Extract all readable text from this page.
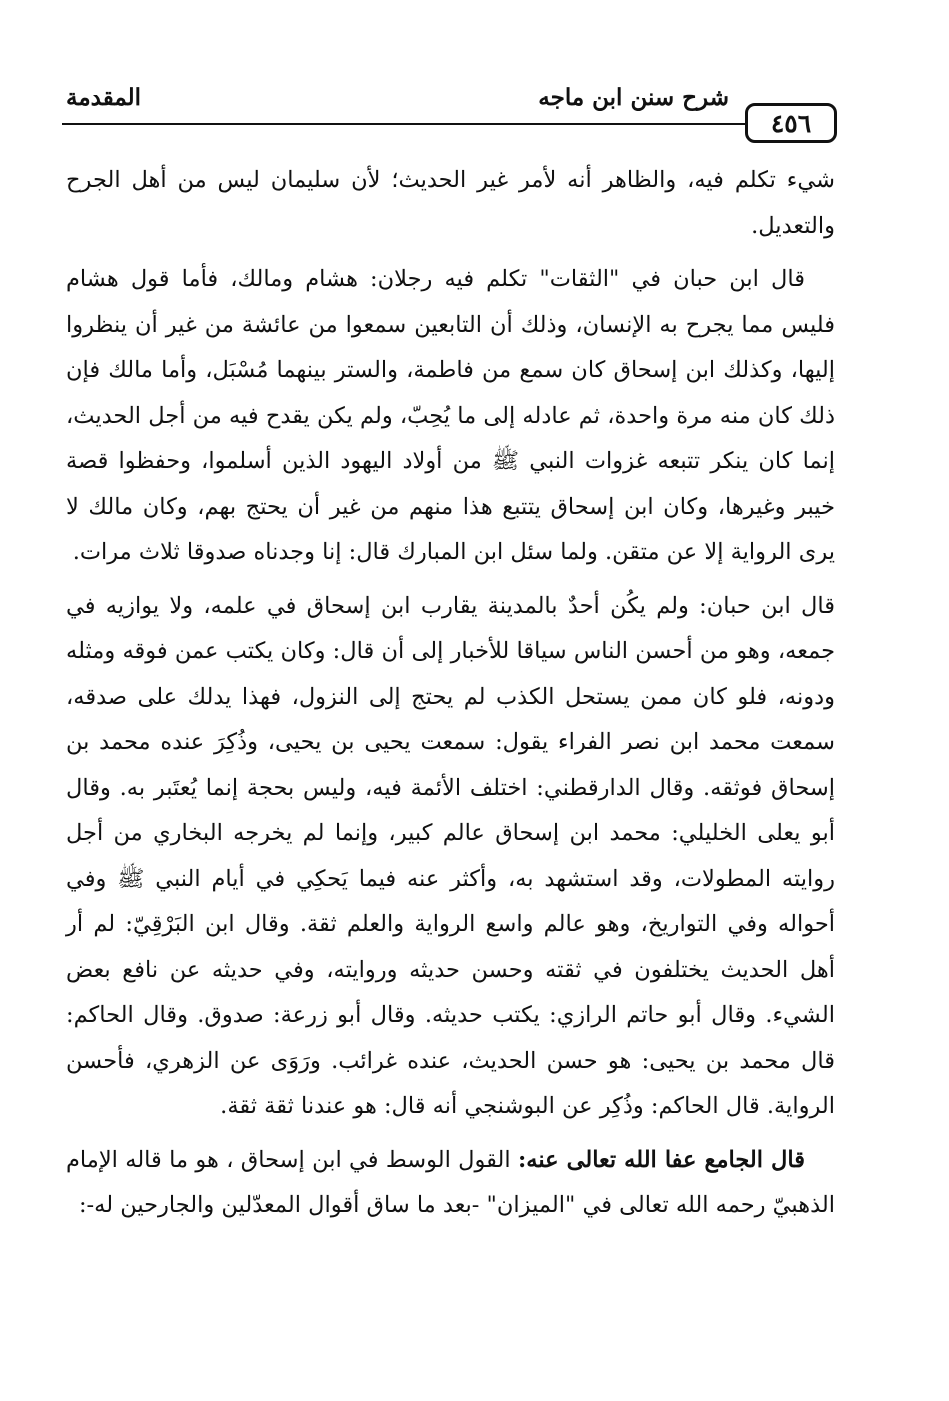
المقدمة	شرح سنن ابن ماجه
٤٥٦

شيء تكلم فيه، والظاهر أنه لأمر غير الحديث؛ لأن سليمان ليس من أهل الجرح والتعديل.

قال ابن حبان في "الثقات" تكلم فيه رجلان: هشام ومالك، فأما قول هشام فليس مما يجرح به الإنسان، وذلك أن التابعين سمعوا من عائشة من غير أن ينظروا إليها، وكذلك ابن إسحاق كان سمع من فاطمة، والستر بينهما مُسْبَل، وأما مالك فإن ذلك كان منه مرة واحدة، ثم عادله إلى ما يُحِبّ، ولم يكن يقدح فيه من أجل الحديث، إنما كان ينكر تتبعه غزوات النبي ﷺ من أولاد اليهود الذين أسلموا، وحفظوا قصة خيبر وغيرها، وكان ابن إسحاق يتتبع هذا منهم من غير أن يحتج بهم، وكان مالك لا يرى الرواية إلا عن متقن. ولما سئل ابن المبارك قال: إنا وجدناه صدوقا ثلاث مرات.

قال ابن حبان: ولم يكُن أحدٌ بالمدينة يقارب ابن إسحاق في علمه، ولا يوازيه في جمعه، وهو من أحسن الناس سياقا للأخبار إلى أن قال: وكان يكتب عمن فوقه ومثله ودونه، فلو كان ممن يستحل الكذب لم يحتج إلى النزول، فهذا يدلك على صدقه، سمعت محمد ابن نصر الفراء يقول: سمعت يحيى بن يحيى، وذُكِرَ عنده محمد بن إسحاق فوثقه. وقال الدارقطني: اختلف الأئمة فيه، وليس بحجة إنما يُعتَبر به. وقال أبو يعلى الخليلي: محمد ابن إسحاق عالم كبير، وإنما لم يخرجه البخاري من أجل روايته المطولات، وقد استشهد به، وأكثر عنه فيما يَحكِي في أيام النبي ﷺ وفي أحواله وفي التواريخ، وهو عالم واسع الرواية والعلم ثقة. وقال ابن البَرْقِيّ: لم أر أهل الحديث يختلفون في ثقته وحسن حديثه وروايته، وفي حديثه عن نافع بعض الشيء. وقال أبو حاتم الرازي: يكتب حديثه. وقال أبو زرعة: صدوق. وقال الحاكم: قال محمد بن يحيى: هو حسن الحديث، عنده غرائب. ورَوَى عن الزهري، فأحسن الرواية. قال الحاكم: وذُكِر عن البوشنجي أنه قال: هو عندنا ثقة ثقة.

قال الجامع عفا الله تعالى عنه: القول الوسط في ابن إسحاق ، هو ما قاله الإمام الذهبيّ رحمه الله تعالى في "الميزان" -بعد ما ساق أقوال المعدّلين والجارحين له-:
